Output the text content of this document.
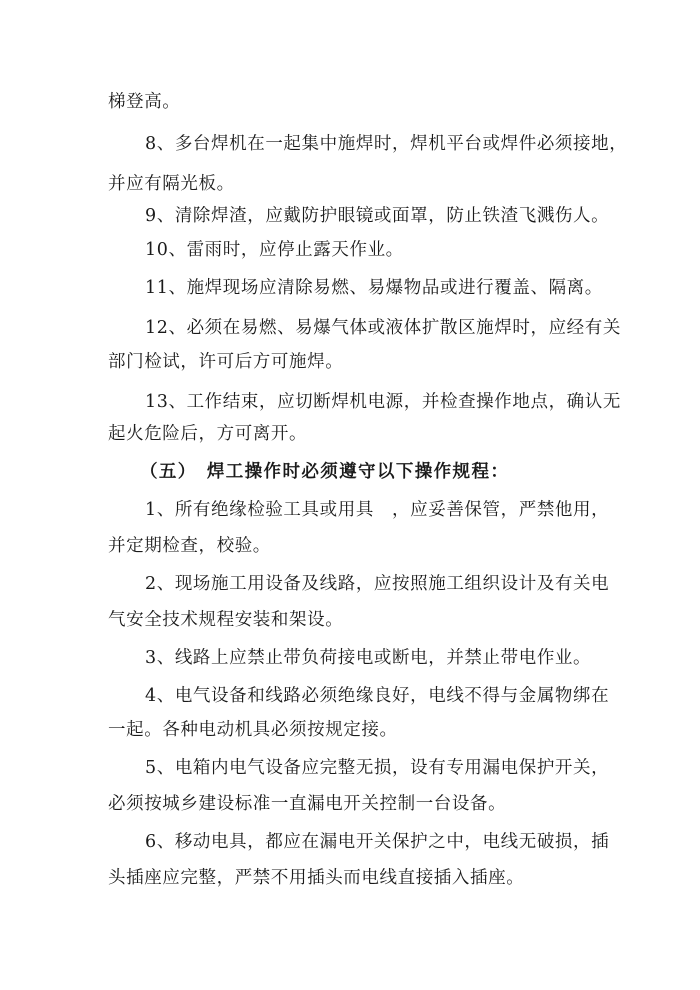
梯登高。
8、多台焊机在一起集中施焊时，焊机平台或焊件必须接地，
并应有隔光板。
9、清除焊渣，应戴防护眼镜或面罩，防止铁渣飞溅伤人。
10、雷雨时，应停止露天作业。
11、施焊现场应清除易燃、易爆物品或进行覆盖、隔离。
12、必须在易燃、易爆气体或液体扩散区施焊时，应经有关
部门检试，许可后方可施焊。
13、工作结束，应切断焊机电源，并检查操作地点，确认无
起火危险后，方可离开。
（五）　焊工操作时必须遵守以下操作规程：
1、所有绝缘检验工具或用具　，应妥善保管，严禁他用，
并定期检查，校验。
2、现场施工用设备及线路，应按照施工组织设计及有关电
气安全技术规程安装和架设。
3、线路上应禁止带负荷接电或断电，并禁止带电作业。
4、电气设备和线路必须绝缘良好，电线不得与金属物绑在
一起。各种电动机具必须按规定接。
5、电箱内电气设备应完整无损，设有专用漏电保护开关，
必须按城乡建设标准一直漏电开关控制一台设备。
6、移动电具，都应在漏电开关保护之中，电线无破损，插
头插座应完整，严禁不用插头而电线直接插入插座。
